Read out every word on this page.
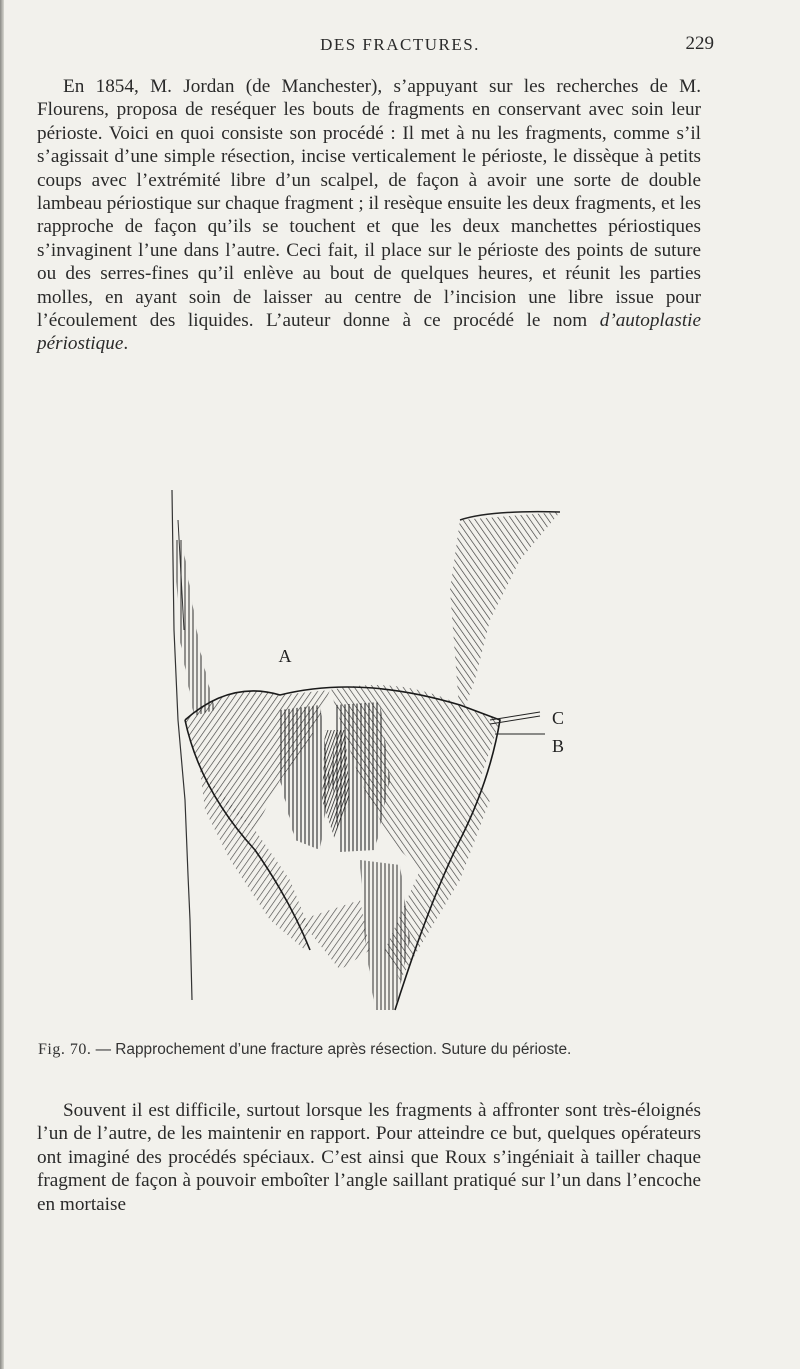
DES FRACTURES.	229

En 1854, M. Jordan (de Manchester), s’appuyant sur les recherches de M. Flourens, proposa de reséquer les bouts de fragments en conservant avec soin leur périoste. Voici en quoi consiste son procédé : Il met à nu les fragments, comme s’il s’agissait d’une simple résection, incise verticalement le périoste, le dissèque à petits coups avec l’extrémité libre d’un scalpel, de façon à avoir une sorte de double lambeau périostique sur chaque fragment ; il resèque ensuite les deux fragments, et les rapproche de façon qu’ils se touchent et que les deux manchettes périostiques s’invaginent l’une dans l’autre. Ceci fait, il place sur le périoste des points de suture ou des serres-fines qu’il enlève au bout de quelques heures, et réunit les parties molles, en ayant soin de laisser au centre de l’incision une libre issue pour l’écoulement des liquides. L’auteur donne à ce procédé le nom d’autoplastie périostique.

A
C
B
Fig. 70. — Rapprochement d’une fracture après résection. Suture du périoste.

Souvent il est difficile, surtout lorsque les fragments à affronter sont très-éloignés l’un de l’autre, de les maintenir en rapport. Pour atteindre ce but, quelques opérateurs ont imaginé des procédés spéciaux. C’est ainsi que Roux s’ingéniait à tailler chaque fragment de façon à pouvoir emboîter l’angle saillant pratiqué sur l’un dans l’encoche en mortaise
